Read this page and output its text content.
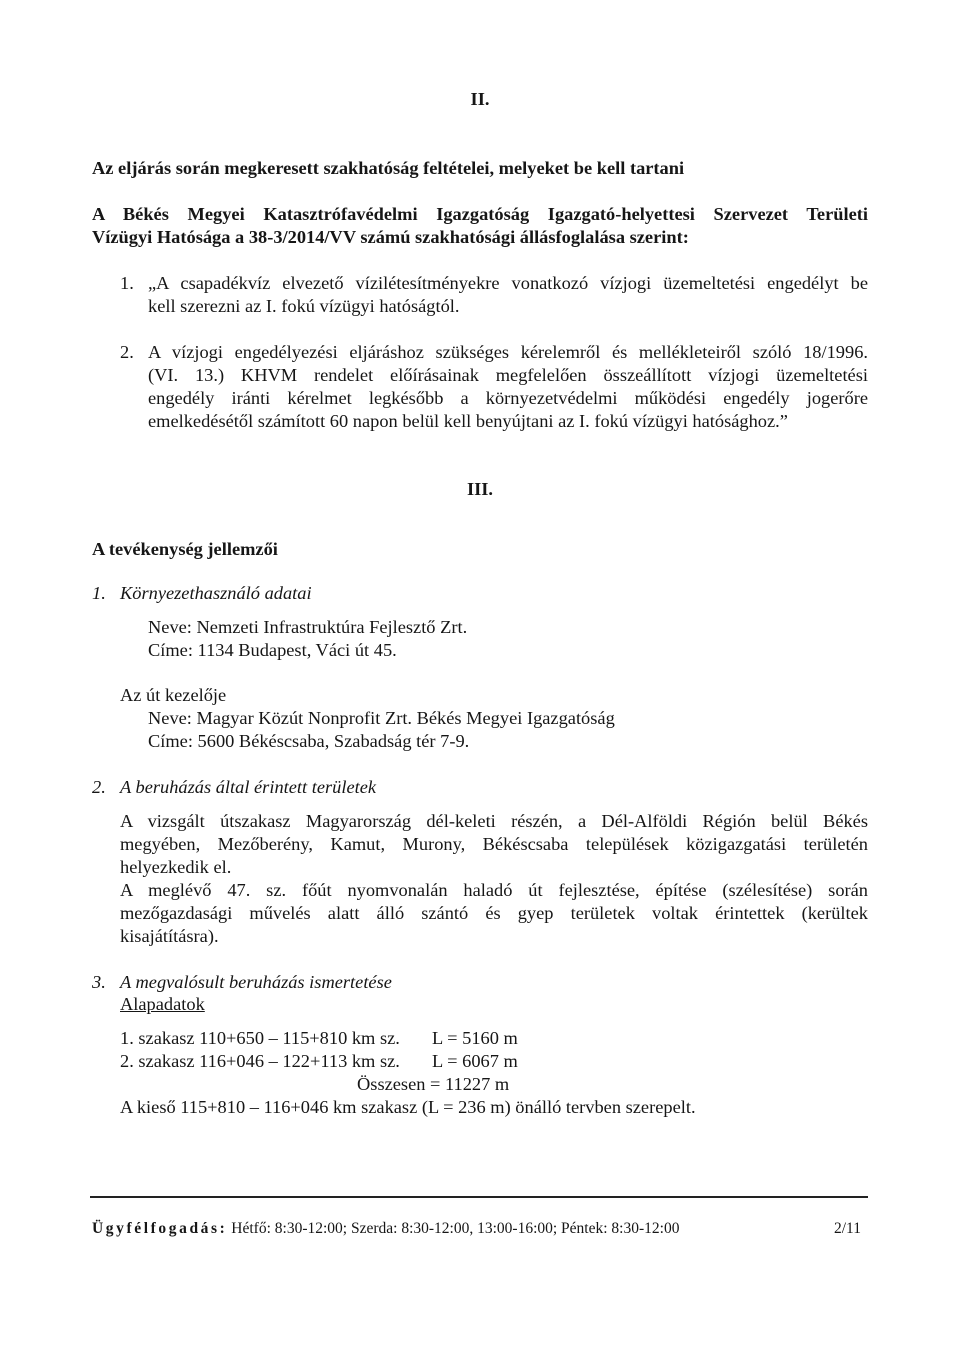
II.
Az eljárás során megkeresett szakhatóság feltételei, melyeket be kell tartani
A Békés Megyei Katasztrófavédelmi Igazgatóság Igazgató-helyettesi Szervezet Területi
Vízügyi Hatósága a 38-3/2014/VV számú szakhatósági állásfoglalása szerint:
1. „A csapadékvíz elvezető vízilétesítményekre vonatkozó vízjogi üzemeltetési engedélyt be
kell szerezni az I. fokú vízügyi hatóságtól.
2. A vízjogi engedélyezési eljáráshoz szükséges kérelemről és mellékleteiről szóló 18/1996.
(VI. 13.) KHVM rendelet előírásainak megfelelően összeállított vízjogi üzemeltetési
engedély iránti kérelmet legkésőbb a környezetvédelmi működési engedély jogerőre
emelkedésétől számított 60 napon belül kell benyújtani az I. fokú vízügyi hatósághoz.”
III.
A tevékenység jellemzői
1. Környezethasználó adatai
Neve: Nemzeti Infrastruktúra Fejlesztő Zrt.
Címe: 1134 Budapest, Váci út 45.
Az út kezelője
Neve: Magyar Közút Nonprofit Zrt. Békés Megyei Igazgatóság
Címe: 5600 Békéscsaba, Szabadság tér 7-9.
2. A beruházás által érintett területek
A vizsgált útszakasz Magyarország dél-keleti részén, a Dél-Alföldi Régión belül Békés
megyében, Mezőberény, Kamut, Murony, Békéscsaba települések közigazgatási területén
helyezkedik el.
A meglévő 47. sz. főút nyomvonalán haladó út fejlesztése, építése (szélesítése) során
mezőgazdasági művelés alatt álló szántó és gyep területek voltak érintettek (kerültek
kisajátításra).
3. A megvalósult beruházás ismertetése
Alapadatok
1. szakasz 110+650 – 115+810 km sz. L = 5160 m
2. szakasz 116+046 – 122+113 km sz. L = 6067 m
Összesen = 11227 m
A kieső 115+810 – 116+046 km szakasz (L = 236 m) önálló tervben szerepelt.
Ügyfélfogadás: Hétfő: 8:30-12:00; Szerda: 8:30-12:00, 13:00-16:00; Péntek: 8:30-12:00	2/11
